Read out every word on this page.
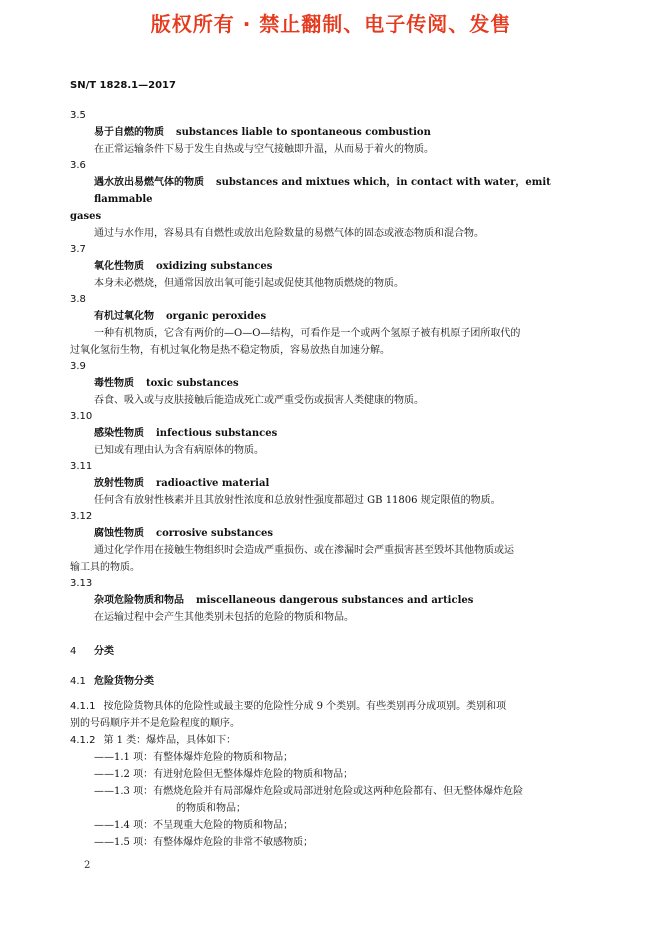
版权所有 · 禁止翻制、电子传阅、发售
SN/T 1828.1—2017
3.5
易于自燃的物质 substances liable to spontaneous combustion
在正常运输条件下易于发生自热或与空气接触即升温，从而易于着火的物质。
3.6
遇水放出易燃气体的物质 substances and mixtues which，in contact with water，emit flammable
gases
通过与水作用，容易具有自燃性或放出危险数量的易燃气体的固态或液态物质和混合物。
3.7
氧化性物质 oxidizing substances
本身未必燃烧，但通常因放出氧可能引起或促使其他物质燃烧的物质。
3.8
有机过氧化物 organic peroxides
一种有机物质，它含有两价的—O—O—结构，可看作是一个或两个氢原子被有机原子团所取代的
过氧化氢衍生物，有机过氧化物是热不稳定物质，容易放热自加速分解。
3.9
毒性物质 toxic substances
吞食、吸入或与皮肤接触后能造成死亡或严重受伤或损害人类健康的物质。
3.10
感染性物质 infectious substances
已知或有理由认为含有病原体的物质。
3.11
放射性物质 radioactive material
任何含有放射性核素并且其放射性浓度和总放射性强度都超过 GB 11806 规定限值的物质。
3.12
腐蚀性物质 corrosive substances
通过化学作用在接触生物组织时会造成严重损伤、或在渗漏时会严重损害甚至毁坏其他物质或运
输工具的物质。
3.13
杂项危险物质和物品 miscellaneous dangerous substances and articles
在运输过程中会产生其他类别未包括的危险的物质和物品。
4 分类
4.1 危险货物分类
4.1.1 按危险货物具体的危险性或最主要的危险性分成 9 个类别。有些类别再分成项别。类别和项
别的号码顺序并不是危险程度的顺序。
4.1.2 第 1 类：爆炸品，具体如下：
——1.1 项：有整体爆炸危险的物质和物品；
——1.2 项：有迸射危险但无整体爆炸危险的物质和物品；
——1.3 项：有燃烧危险并有局部爆炸危险或局部迸射危险或这两种危险都有、但无整体爆炸危险
的物质和物品；
——1.4 项：不呈现重大危险的物质和物品；
——1.5 项：有整体爆炸危险的非常不敏感物质；
2
